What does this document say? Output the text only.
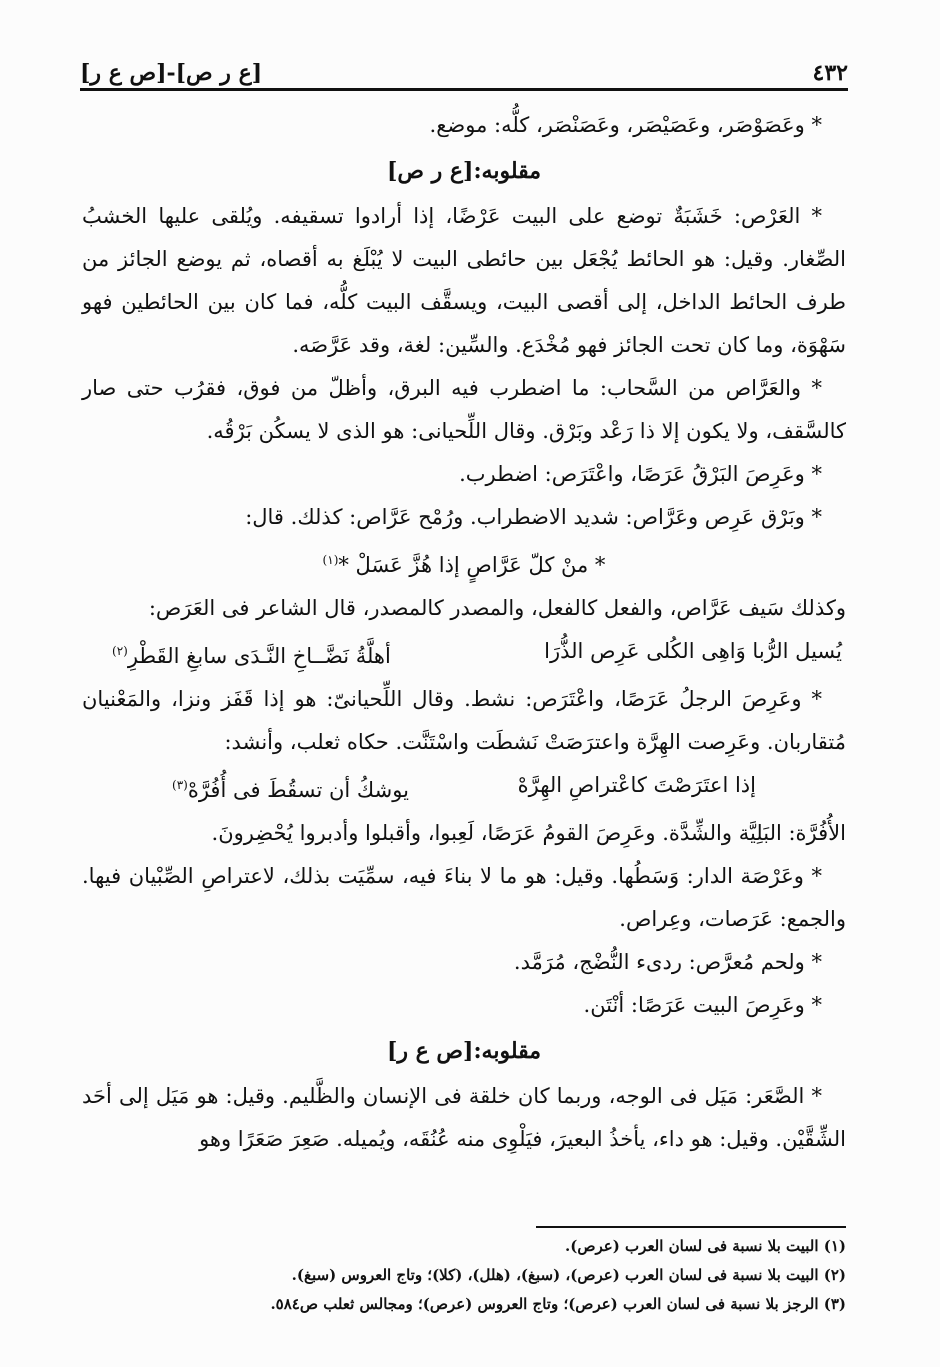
٤٣٢
[ع ر ص]-[ص ع ر]

* وعَصَوْصَر، وعَصَيْصَر، وعَصَنْصَر، كلُّه: موضع.

مقلوبه:[ع ر ص]

* العَرْص: خَشَبَةٌ توضع على البيت عَرْضًا، إذا أرادوا تسقيفه. ويُلقى عليها الخشبُ الصِّغار. وقيل: هو الحائط يُجْعَل بين حائطى البيت لا يُبْلَغ به أقصاه، ثم يوضع الجائز من طرف الحائط الداخل، إلى أقصى البيت، ويسقَّف البيت كلُّه، فما كان بين الحائطين فهو سَهْوَة، وما كان تحت الجائز فهو مُخْدَع. والسِّين: لغة، وقد عَرَّصَه.

* والعَرَّاص من السَّحاب: ما اضطرب فيه البرق، وأظلّ من فوق، فقرُب حتى صار كالسَّقف، ولا يكون إلا ذا رَعْد وبَرْق. وقال اللِّحيانى: هو الذى لا يسكُن بَرْقُه.

* وعَرِصَ البَرْقُ عَرَصًا، واعْتَرَص: اضطرب.

* وبَرْق عَرِص وعَرَّاص: شديد الاضطراب. ورُمْح عَرَّاص: كذلك. قال:

* منْ كلّ عَرَّاصٍ إذا هُزَّ عَسَلْ *$^{(١)}$

وكذلك سَيف عَرَّاص، والفعل كالفعل، والمصدر كالمصدر، قال الشاعر فى العَرَص:

يُسيل الرُّبا وَاهِى الكُلى عَرِص الذُّرَا
أهلَّةُ نَضَّــاخِ النَّـدَى سابغِ القَطْرِ$^{(٢)}$

* وعَرِصَ الرجلُ عَرَصًا، واعْتَرَص: نشط. وقال اللِّحيانىّ: هو إذا قَفَز ونزا، والمَعْنيان مُتقاربان. وعَرِصت الهِرَّة واعترَصَتْ نَشطَت واسْتَنَّت. حكاه ثعلب، وأنشد:

إذا اعتَرَصْتَ كاعْتراصِ الهِرَّهْ
يوشكُ أن تسقُطَ فى أُفُرَّهْ$^{(٣)}$

الأُفُرَّة: البَلِيَّة والشِّدَّة. وعَرِصَ القومُ عَرَصًا، لَعِبوا، وأقبلوا وأدبروا يُحْضِرونَ.

* وعَرْصَة الدار: وَسَطُها. وقيل: هو ما لا بناءَ فيه، سمِّيَت بذلك، لاعتراصِ الصِّبْيان فيها. والجمع: عَرَصات، وعِراص.

* ولحم مُعرَّص: ردىء النُّضْج، مُرَمَّد.

* وعَرِصَ البيت عَرَصًا: أنْتَن.

مقلوبه:[ص ع ر]

* الصَّعَر: مَيَل فى الوجه، وربما كان خلقة فى الإنسان والظَّليم. وقيل: هو مَيَل إلى أحَد الشِّقَّيْن. وقيل: هو داء، يأخذُ البعيرَ، فيَلْوِى منه عُنُقَه، ويُميله. صَعِرَ صَعَرًا وهو

(١) البيت بلا نسبة فى لسان العرب (عرص).

(٢) البيت بلا نسبة فى لسان العرب (عرص)، (سبغ)، (هلل)، (كلا)؛ وتاج العروس (سبغ).

(٣) الرجز بلا نسبة فى لسان العرب (عرص)؛ وتاج العروس (عرص)؛ ومجالس ثعلب ص٥٨٤.
